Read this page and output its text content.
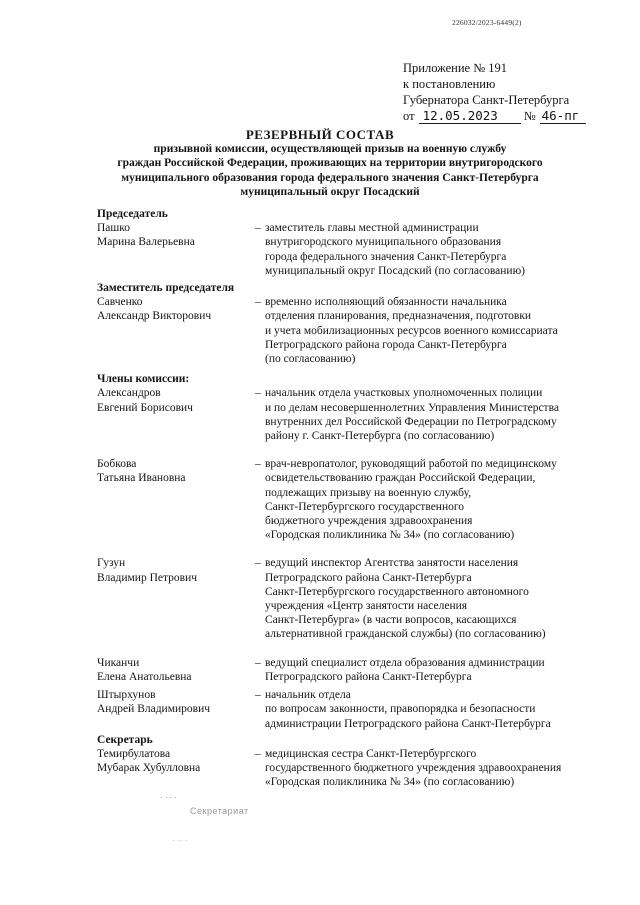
226032/2023-6449(2)
Приложение № 191
к постановлению
Губернатора Санкт-Петербурга
от 12.05.2023 № 46-пг
РЕЗЕРВНЫЙ СОСТАВ
призывной комиссии, осуществляющей призыв на военную службу
граждан Российской Федерации, проживающих на территории внутригородского
муниципального образования города федерального значения Санкт-Петербурга
муниципальный округ Посадский
Председатель
Пашко
Марина Валерьевна
– заместитель главы местной администрации
внутригородского муниципального образования
города федерального значения Санкт-Петербурга
муниципальный округ Посадский (по согласованию)
Заместитель председателя
Савченко
Александр Викторович
– временно исполняющий обязанности начальника
отделения планирования, предназначения, подготовки
и учета мобилизационных ресурсов военного комиссариата
Петроградского района города Санкт-Петербурга
(по согласованию)
Члены комиссии:
Александров
Евгений Борисович
– начальник отдела участковых уполномоченных полиции
и по делам несовершеннолетних Управления Министерства
внутренних дел Российской Федерации по Петроградскому
району г. Санкт-Петербурга (по согласованию)
Бобкова
Татьяна Ивановна
– врач-невропатолог, руководящий работой по медицинскому
освидетельствованию граждан Российской Федерации,
подлежащих призыву на военную службу,
Санкт-Петербургского государственного
бюджетного учреждения здравоохранения
«Городская поликлиника № 34» (по согласованию)
Гузун
Владимир Петрович
– ведущий инспектор Агентства занятости населения
Петроградского района Санкт-Петербурга
Санкт-Петербургского государственного автономного
учреждения «Центр занятости населения
Санкт-Петербурга» (в части вопросов, касающихся
альтернативной гражданской службы) (по согласованию)
Чиканчи
Елена Анатольевна
– ведущий специалист отдела образования администрации
Петроградского района Санкт-Петербурга
Штырхунов
Андрей Владимирович
– начальник отдела
по вопросам законности, правопорядка и безопасности
администрации Петроградского района Санкт-Петербурга
Секретарь
Темирбулатова
Мубарак Хубулловна
– медицинская сестра Санкт-Петербургского
государственного бюджетного учреждения здравоохранения
«Городская поликлиника № 34» (по согласованию)
Секретариат
· ·· ·
· ·· ·
